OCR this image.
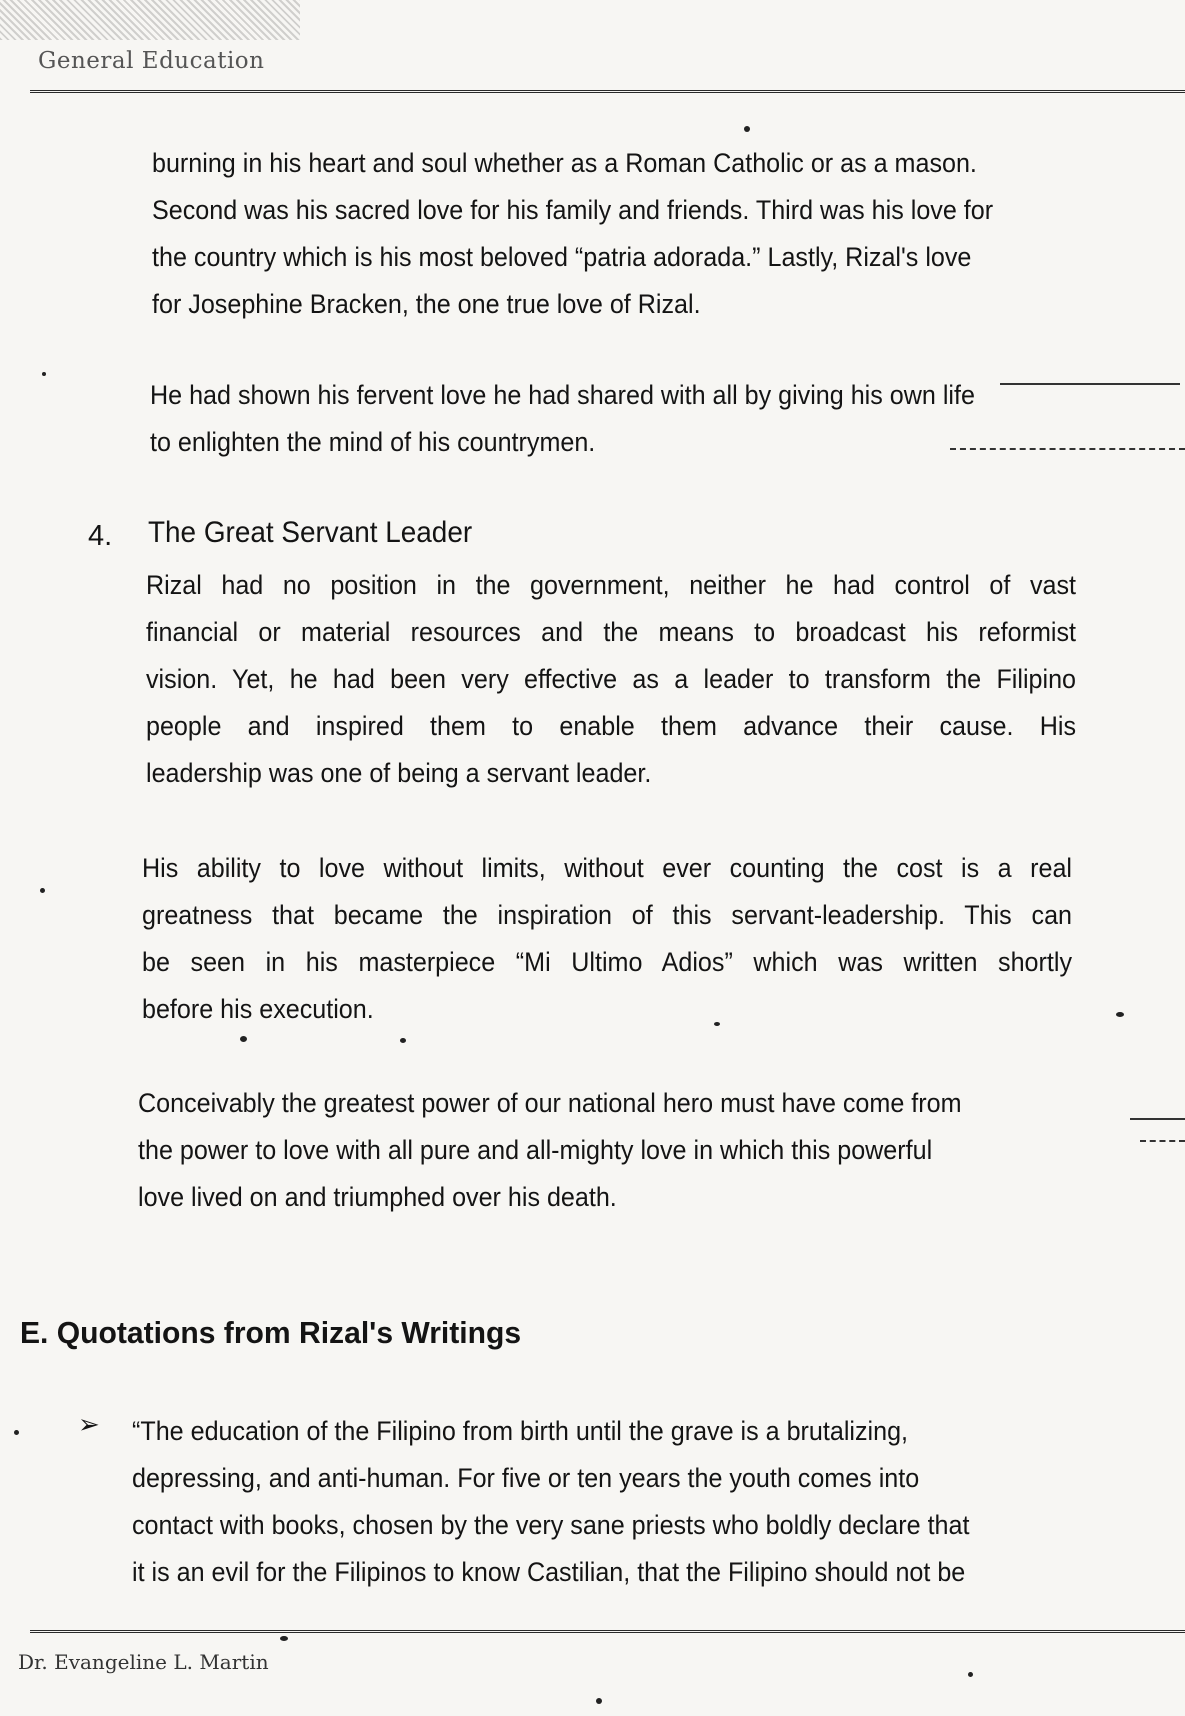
General Education

burning in his heart and soul whether as a Roman Catholic or as a mason.
Second was his sacred love for his family and friends. Third was his love for
the country which is his most beloved “patria adorada.” Lastly, Rizal's love
for Josephine Bracken, the one true love of Rizal.

He had shown his fervent love he had shared with all by giving his own life
to enlighten the mind of his countrymen.

4. The Great Servant Leader

Rizal had no position in the government, neither he had control of vast
financial or material resources and the means to broadcast his reformist
vision. Yet, he had been very effective as a leader to transform the Filipino
people and inspired them to enable them advance their cause. His
leadership was one of being a servant leader.

His ability to love without limits, without ever counting the cost is a real
greatness that became the inspiration of this servant-leadership. This can
be seen in his masterpiece “Mi Ultimo Adios” which was written shortly
before his execution.

Conceivably the greatest power of our national hero must have come from
the power to love with all pure and all-mighty love in which this powerful
love lived on and triumphed over his death.

E. Quotations from Rizal's Writings
➢ “The education of the Filipino from birth until the grave is a brutalizing,
depressing, and anti-human. For five or ten years the youth comes into
contact with books, chosen by the very sane priests who boldly declare that
it is an evil for the Filipinos to know Castilian, that the Filipino should not be

Dr. Evangeline L. Martin
